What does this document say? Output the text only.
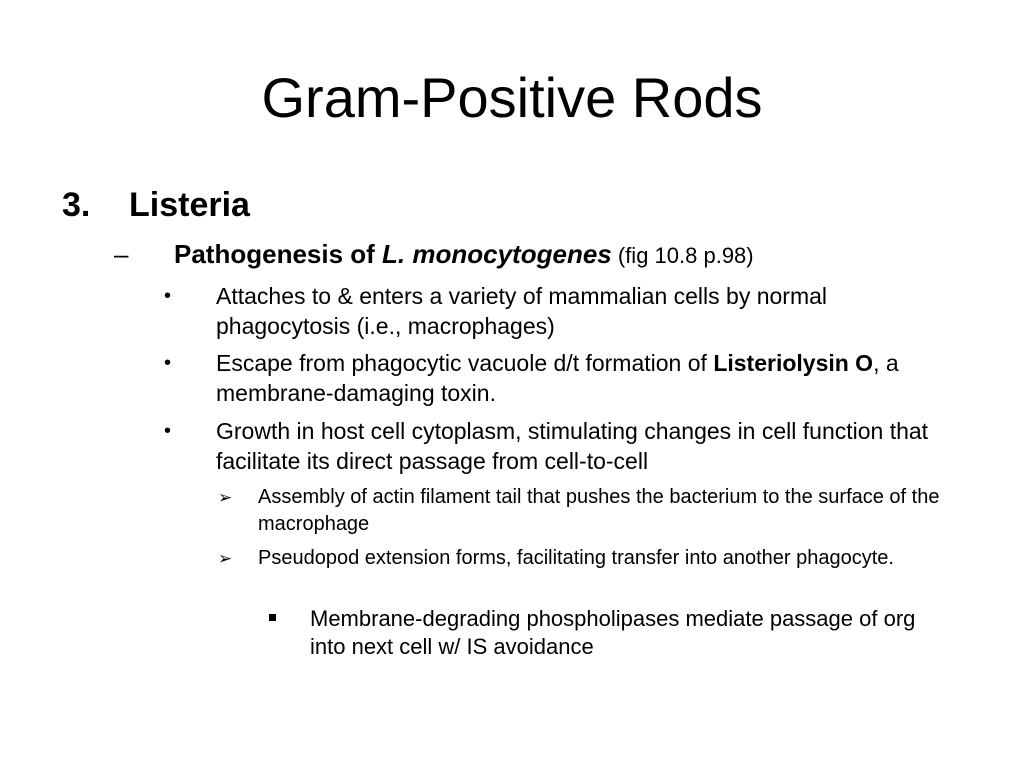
Gram-Positive Rods
3. Listeria
– Pathogenesis of L. monocytogenes (fig 10.8 p.98)
• Attaches to & enters a variety of mammalian cells by normal phagocytosis (i.e., macrophages)
• Escape from phagocytic vacuole d/t formation of Listeriolysin O, a membrane-damaging toxin.
• Growth in host cell cytoplasm, stimulating changes in cell function that facilitate its direct passage from cell-to-cell
➢ Assembly of actin filament tail that pushes the bacterium to the surface of the macrophage
➢ Pseudopod extension forms, facilitating transfer into another phagocyte.
Membrane-degrading phospholipases mediate passage of org into next cell w/ IS avoidance
